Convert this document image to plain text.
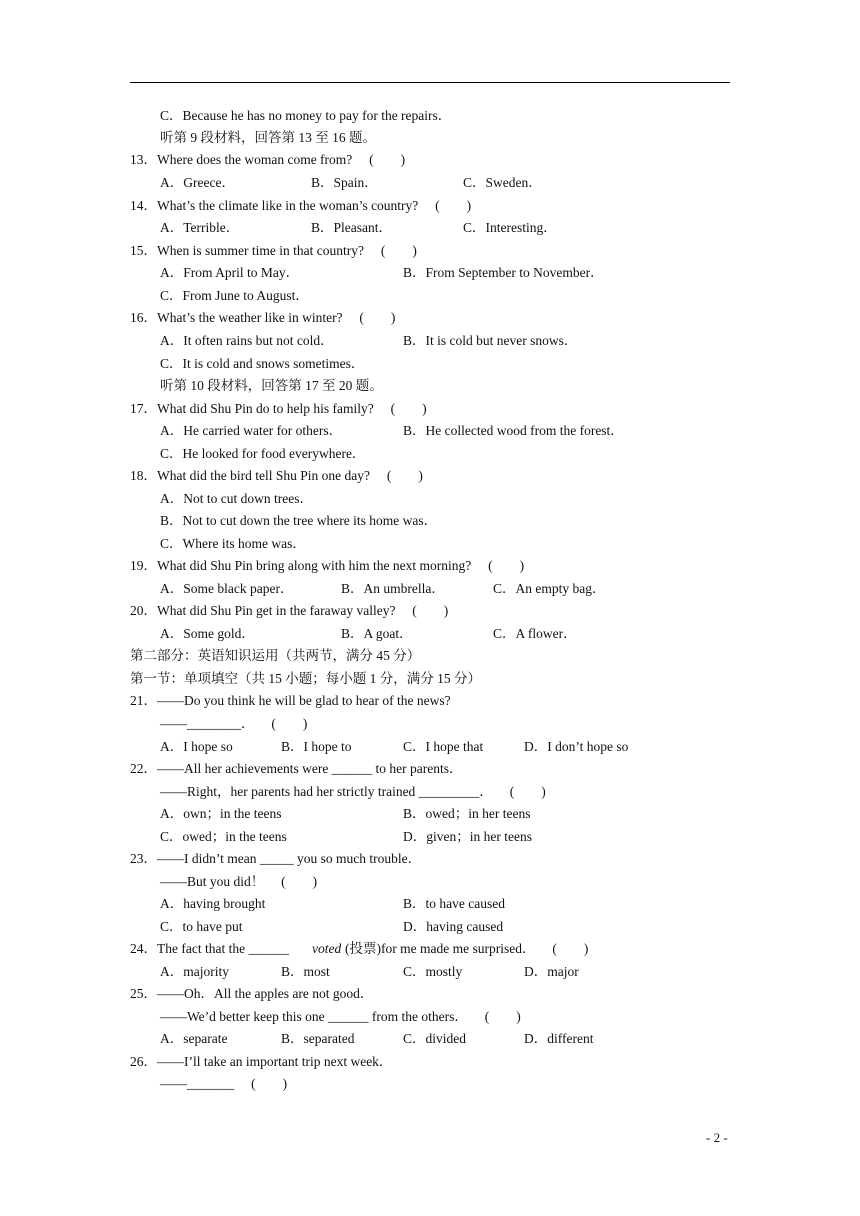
C．Because he has no money to pay for the repairs．
听第 9 段材料，回答第 13 至 16 题。
13．Where does the woman come from?     (        )
A．Greece．	B．Spain．	C．Sweden．
14．What’s the climate like in the woman’s country?     (        )
A．Terrible．	B．Pleasant．	C．Interesting．
15．When is summer time in that country?     (        )
A．From April to May．	B．From September to November．
C．From June to August．
16．What’s the weather like in winter?     (        )
A．It often rains but not cold．	B．It is cold but never snows．
C．It is cold and snows sometimes．
听第 10 段材料，回答第 17 至 20 题。
17．What did Shu Pin do to help his family?     (        )
A．He carried water for others．	B．He collected wood from the forest．
C．He looked for food everywhere．
18．What did the bird tell Shu Pin one day?     (        )
A．Not to cut down trees．
B．Not to cut down the tree where its home was．
C．Where its home was．
19．What did Shu Pin bring along with him the next morning?     (        )
A．Some black paper．	B．An umbrella．	C．An empty bag．
20．What did Shu Pin get in the faraway valley?     (        )
A．Some gold．	B．A goat．	C．A flower．
第二部分：英语知识运用（共两节，满分 45 分）
第一节：单项填空（共 15 小题；每小题 1 分，满分 15 分）
21．——Do you think he will be glad to hear of the news?
——________．     (        )
A．I hope so	B．I hope to	C．I hope that	D．I don’t hope so
22．——All her achievements were ______ to her parents．
——Right，her parents had her strictly trained _________．     (        )
A．own；in the teens	B．owed；in her teens
C．owed；in the teens	D．given；in her teens
23．——I didn’t mean _____ you so much trouble．
——But you did！     (        )
A．having brought	B．to have caused
C．to have put	D．having caused
24．The fact that the ______ voted (投票)for me made me surprised．     (        )
A．majority	B．most	C．mostly	D．major
25．——Oh．All the apples are not good．
——We’d better keep this one ______ from the others．     (        )
A．separate	B．separated	C．divided	D．different
26．——I’ll take an important trip next week．
——_______     (        )
- 2 -
